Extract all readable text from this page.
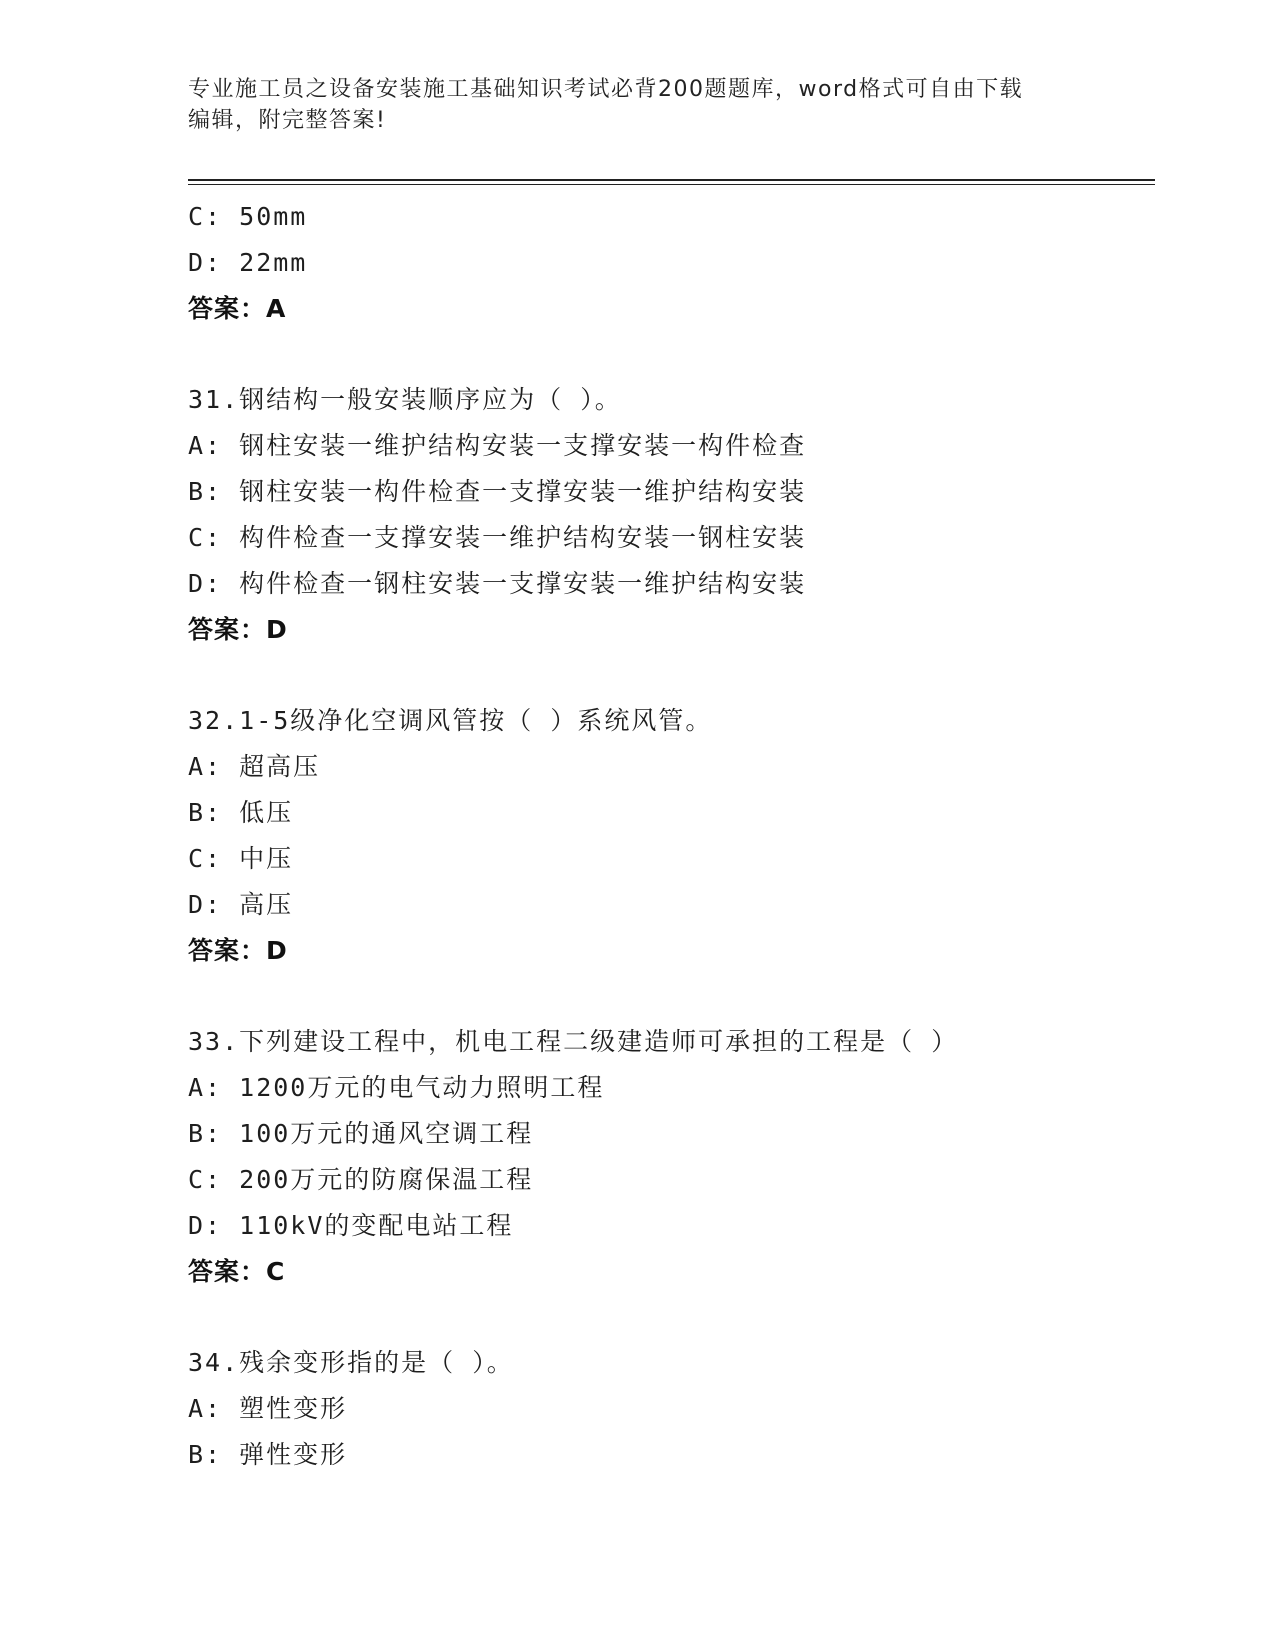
专业施工员之设备安装施工基础知识考试必背200题题库，word格式可自由下载
编辑，附完整答案!
C: 50mm
D: 22mm
答案：A
31.钢结构一般安装顺序应为（ ）。
A: 钢柱安装一维护结构安装一支撑安装一构件检查
B: 钢柱安装一构件检查一支撑安装一维护结构安装
C: 构件检查一支撑安装一维护结构安装一钢柱安装
D: 构件检查一钢柱安装一支撑安装一维护结构安装
答案：D
32.1-5级净化空调风管按（ ）系统风管。
A: 超高压
B: 低压
C: 中压
D: 高压
答案：D
33.下列建设工程中，机电工程二级建造师可承担的工程是（ ）
A: 1200万元的电气动力照明工程
B: 100万元的通风空调工程
C: 200万元的防腐保温工程
D: 110kV的变配电站工程
答案：C
34.残余变形指的是（ ）。
A: 塑性变形
B: 弹性变形
